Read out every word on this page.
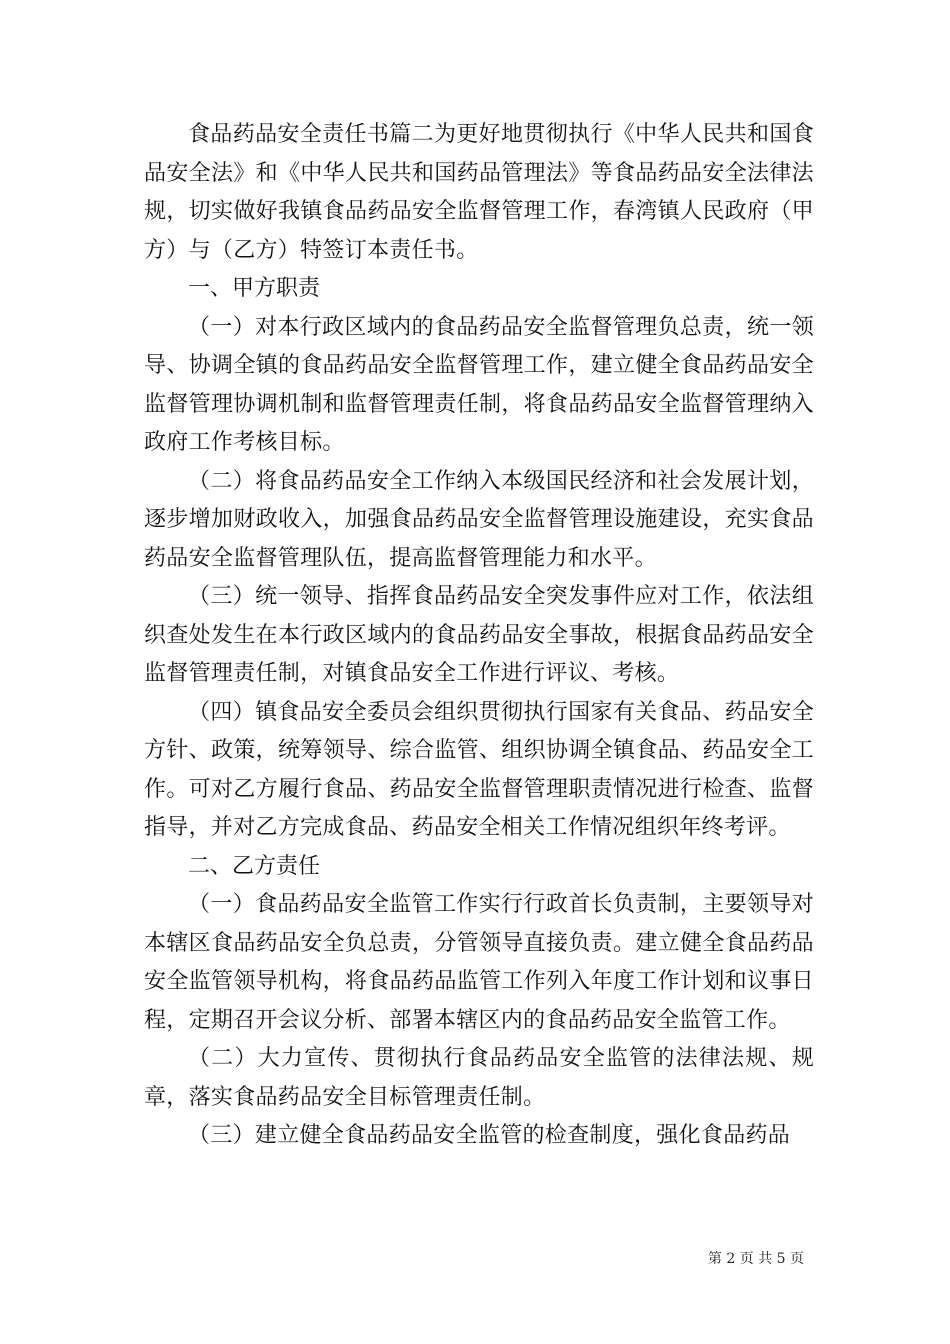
食品药品安全责任书篇二为更好地贯彻执行《中华人民共和国食品安全法》和《中华人民共和国药品管理法》等食品药品安全法律法规，切实做好我镇食品药品安全监督管理工作，春湾镇人民政府（甲方）与（乙方）特签订本责任书。

一、甲方职责

（一）对本行政区域内的食品药品安全监督管理负总责，统一领导、协调全镇的食品药品安全监督管理工作，建立健全食品药品安全监督管理协调机制和监督管理责任制，将食品药品安全监督管理纳入政府工作考核目标。

（二）将食品药品安全工作纳入本级国民经济和社会发展计划，逐步增加财政收入，加强食品药品安全监督管理设施建设，充实食品药品安全监督管理队伍，提高监督管理能力和水平。

（三）统一领导、指挥食品药品安全突发事件应对工作，依法组织查处发生在本行政区域内的食品药品安全事故，根据食品药品安全监督管理责任制，对镇食品安全工作进行评议、考核。

（四）镇食品安全委员会组织贯彻执行国家有关食品、药品安全方针、政策，统筹领导、综合监管、组织协调全镇食品、药品安全工作。可对乙方履行食品、药品安全监督管理职责情况进行检查、监督指导，并对乙方完成食品、药品安全相关工作情况组织年终考评。

二、乙方责任

（一）食品药品安全监管工作实行行政首长负责制，主要领导对本辖区食品药品安全负总责，分管领导直接负责。建立健全食品药品安全监管领导机构，将食品药品监管工作列入年度工作计划和议事日程，定期召开会议分析、部署本辖区内的食品药品安全监管工作。

（二）大力宣传、贯彻执行食品药品安全监管的法律法规、规章，落实食品药品安全目标管理责任制。

（三）建立健全食品药品安全监管的检查制度，强化食品药品

第 2 页 共 5 页
